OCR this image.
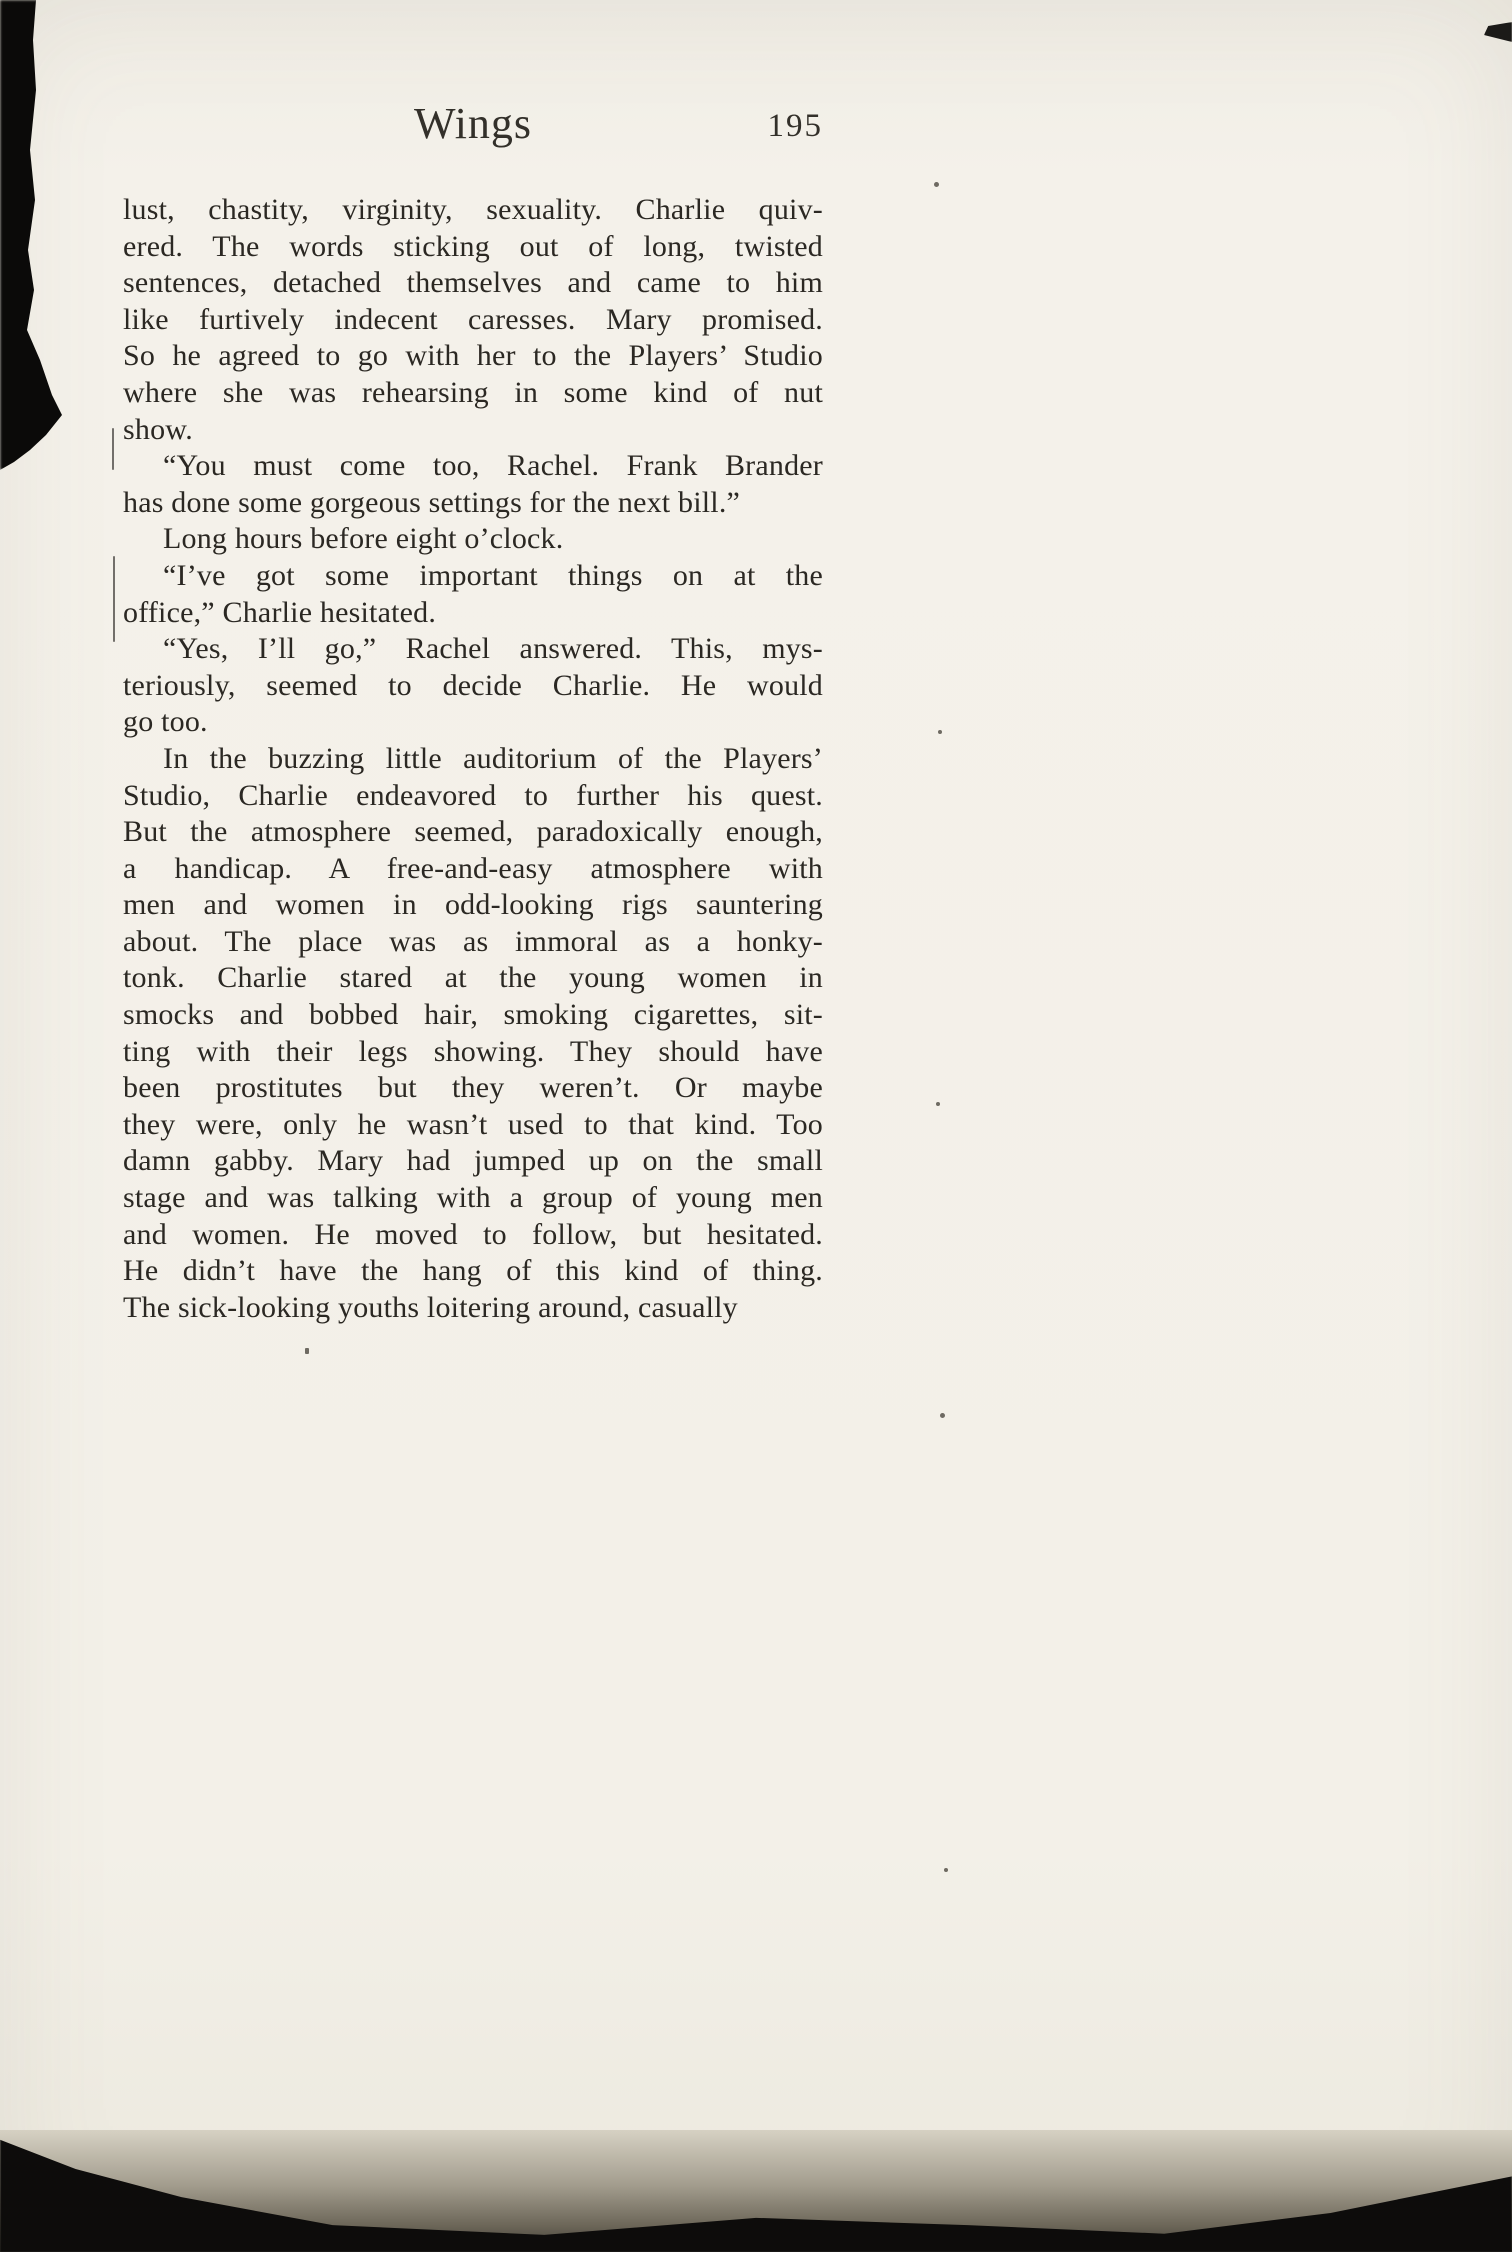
Wings	195
lust, chastity, virginity, sexuality. Charlie quiv-
ered. The words sticking out of long, twisted
sentences, detached themselves and came to him
like furtively indecent caresses. Mary promised.
So he agreed to go with her to the Players’ Studio
where she was rehearsing in some kind of nut
show.
“You must come too, Rachel. Frank Brander
has done some gorgeous settings for the next bill.”
Long hours before eight o’clock.
“I’ve got some important things on at the
office,” Charlie hesitated.
“Yes, I’ll go,” Rachel answered. This, mys-
teriously, seemed to decide Charlie. He would
go too.
In the buzzing little auditorium of the Players’
Studio, Charlie endeavored to further his quest.
But the atmosphere seemed, paradoxically enough,
a handicap. A free-and-easy atmosphere with
men and women in odd-looking rigs sauntering
about. The place was as immoral as a honky-
tonk. Charlie stared at the young women in
smocks and bobbed hair, smoking cigarettes, sit-
ting with their legs showing. They should have
been prostitutes but they weren’t. Or maybe
they were, only he wasn’t used to that kind. Too
damn gabby. Mary had jumped up on the small
stage and was talking with a group of young men
and women. He moved to follow, but hesitated.
He didn’t have the hang of this kind of thing.
The sick-looking youths loitering around, casually
